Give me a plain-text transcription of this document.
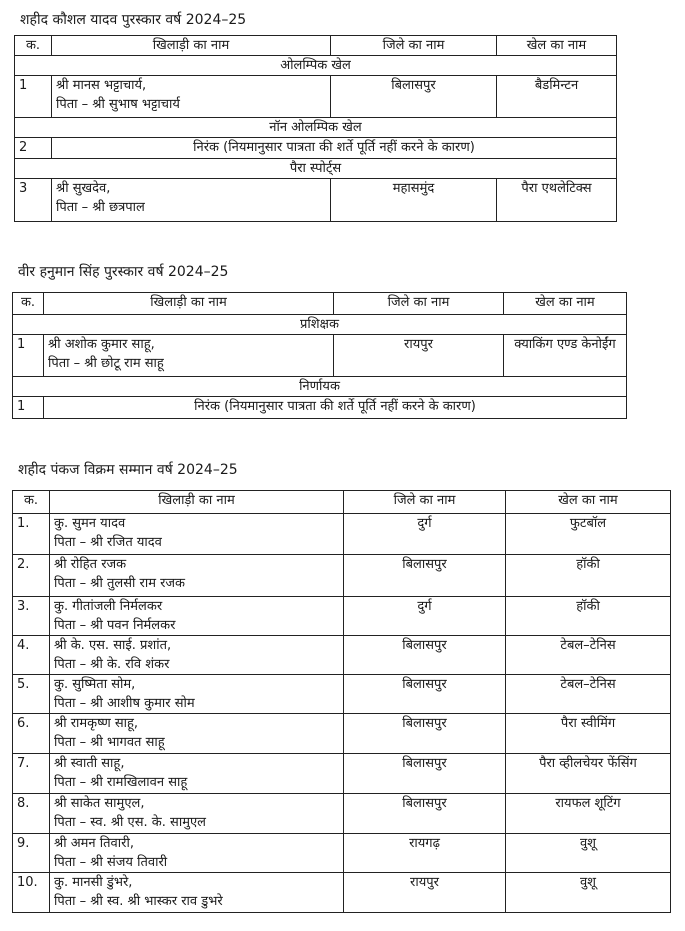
शहीद कौशल यादव पुरस्कार वर्ष 2024–25
क.	खिलाड़ी का नाम	जिले का नाम	खेल का नाम
ओलम्पिक खेल			
1	श्री मानस भट्टाचार्य,
पिता – श्री सुभाष भट्टाचार्य	बिलासपुर	बैडमिन्टन
नॉन ओलम्पिक खेल			
2	निरंक (नियमानुसार पात्रता की शर्ते पूर्ति नहीं करने के कारण)		
पैरा स्पोर्ट्स			
3	श्री सुखदेव,
पिता – श्री छत्रपाल	महासमुंद	पैरा एथलेटिक्स
वीर हनुमान सिंह पुरस्कार वर्ष 2024–25
क.	खिलाड़ी का नाम	जिले का नाम	खेल का नाम
प्रशिक्षक			
1	श्री अशोक कुमार साहू,
पिता – श्री छोटू राम साहू	रायपुर	क्याकिंग एण्ड केनोईंग

निर्णायक			
1	निरंक (नियमानुसार पात्रता की शर्ते पूर्ति नहीं करने के कारण)		
शहीद पंकज विक्रम सम्मान वर्ष 2024–25
क.	खिलाड़ी का नाम	जिले का नाम	खेल का नाम
1.	कु. सुमन यादव
पिता – श्री रजित यादव	दुर्ग	फुटबॉल
2.	श्री रोहित रजक
पिता – श्री तुलसी राम रजक	बिलासपुर	हॉकी
3.	कु. गीतांजली निर्मलकर
पिता – श्री पवन निर्मलकर	दुर्ग	हॉकी
4.	श्री के. एस. साई. प्रशांत,
पिता – श्री के. रवि शंकर	बिलासपुर	टेबल–टेनिस
5.	कु. सुष्मिता सोम,
पिता – श्री आशीष कुमार सोम	बिलासपुर	टेबल–टेनिस
6.	श्री रामकृष्ण साहू,
पिता – श्री भागवत साहू	बिलासपुर	पैरा स्वीमिंग
7.	श्री स्वाती साहू,
पिता – श्री रामखिलावन साहू	बिलासपुर	पैरा व्हीलचेयर फेंसिंग
8.	श्री साकेत सामुएल,
पिता – स्व. श्री एस. के. सामुएल	बिलासपुर	रायफल शूटिंग
9.	श्री अमन तिवारी,
पिता – श्री संजय तिवारी	रायगढ़	वुशू
10.	कु. मानसी डुंभरे,
पिता – श्री स्व. श्री भास्कर राव डुभरे	रायपुर	वुशू
